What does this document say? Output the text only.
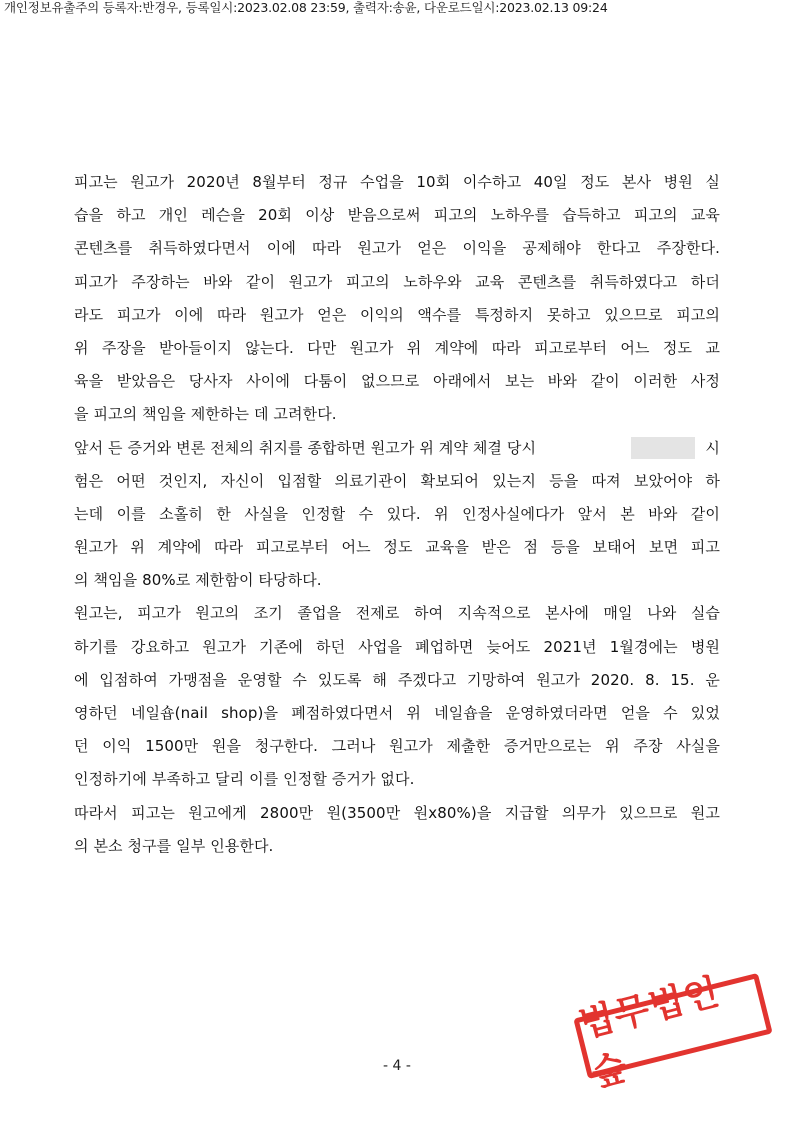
개인정보유출주의 등록자:반경우, 등록일시:2023.02.08 23:59, 출력자:송윤, 다운로드일시:2023.02.13 09:24
피고는 원고가 2020년 8월부터 정규 수업을 10회 이수하고 40일 정도 본사 병원 실
습을 하고 개인 레슨을 20회 이상 받음으로써 피고의 노하우를 습득하고 피고의 교육
콘텐츠를 취득하였다면서 이에 따라 원고가 얻은 이익을 공제해야 한다고 주장한다.
피고가 주장하는 바와 같이 원고가 피고의 노하우와 교육 콘텐츠를 취득하였다고 하더
라도 피고가 이에 따라 원고가 얻은 이익의 액수를 특정하지 못하고 있으므로 피고의
위 주장을 받아들이지 않는다. 다만 원고가 위 계약에 따라 피고로부터 어느 정도 교
육을 받았음은 당사자 사이에 다툼이 없으므로 아래에서 보는 바와 같이 이러한 사정
을 피고의 책임을 제한하는 데 고려한다.
앞서 든 증거와 변론 전체의 취지를 종합하면 원고가 위 계약 체결 당시	시
험은 어떤 것인지, 자신이 입점할 의료기관이 확보되어 있는지 등을 따져 보았어야 하
는데 이를 소홀히 한 사실을 인정할 수 있다. 위 인정사실에다가 앞서 본 바와 같이
원고가 위 계약에 따라 피고로부터 어느 정도 교육을 받은 점 등을 보태어 보면 피고
의 책임을 80%로 제한함이 타당하다.
원고는, 피고가 원고의 조기 졸업을 전제로 하여 지속적으로 본사에 매일 나와 실습
하기를 강요하고 원고가 기존에 하던 사업을 폐업하면 늦어도 2021년 1월경에는 병원
에 입점하여 가맹점을 운영할 수 있도록 해 주겠다고 기망하여 원고가 2020. 8. 15. 운
영하던 네일숍(nail shop)을 폐점하였다면서 위 네일숍을 운영하였더라면 얻을 수 있었
던 이익 1500만 원을 청구한다. 그러나 원고가 제출한 증거만으로는 위 주장 사실을
인정하기에 부족하고 달리 이를 인정할 증거가 없다.
따라서 피고는 원고에게 2800만 원(3500만 원x80%)을 지급할 의무가 있으므로 원고
의 본소 청구를 일부 인용한다.
- 4 -
법무법인 숲
